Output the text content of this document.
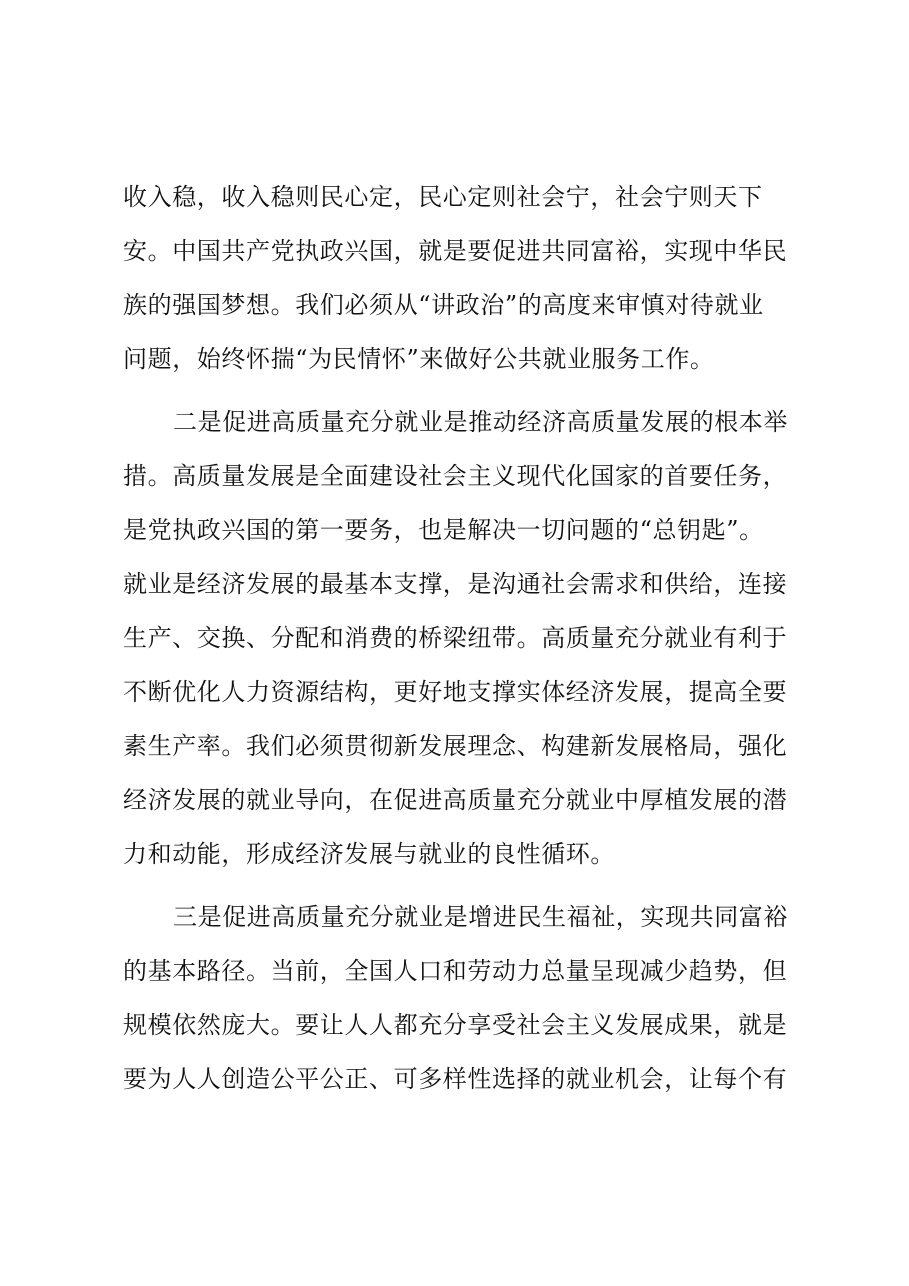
收入稳，收入稳则民心定，民心定则社会宁，社会宁则天下
安。中国共产党执政兴国，就是要促进共同富裕，实现中华民
族的强国梦想。我们必须从“讲政治”的高度来审慎对待就业
问题，始终怀揣“为民情怀”来做好公共就业服务工作。
二是促进高质量充分就业是推动经济高质量发展的根本举
措。高质量发展是全面建设社会主义现代化国家的首要任务，
是党执政兴国的第一要务，也是解决一切问题的“总钥匙”。
就业是经济发展的最基本支撑，是沟通社会需求和供给，连接
生产、交换、分配和消费的桥梁纽带。高质量充分就业有利于
不断优化人力资源结构，更好地支撑实体经济发展，提高全要
素生产率。我们必须贯彻新发展理念、构建新发展格局，强化
经济发展的就业导向，在促进高质量充分就业中厚植发展的潜
力和动能，形成经济发展与就业的良性循环。
三是促进高质量充分就业是增进民生福祉，实现共同富裕
的基本路径。当前，全国人口和劳动力总量呈现减少趋势，但
规模依然庞大。要让人人都充分享受社会主义发展成果，就是
要为人人创造公平公正、可多样性选择的就业机会，让每个有
